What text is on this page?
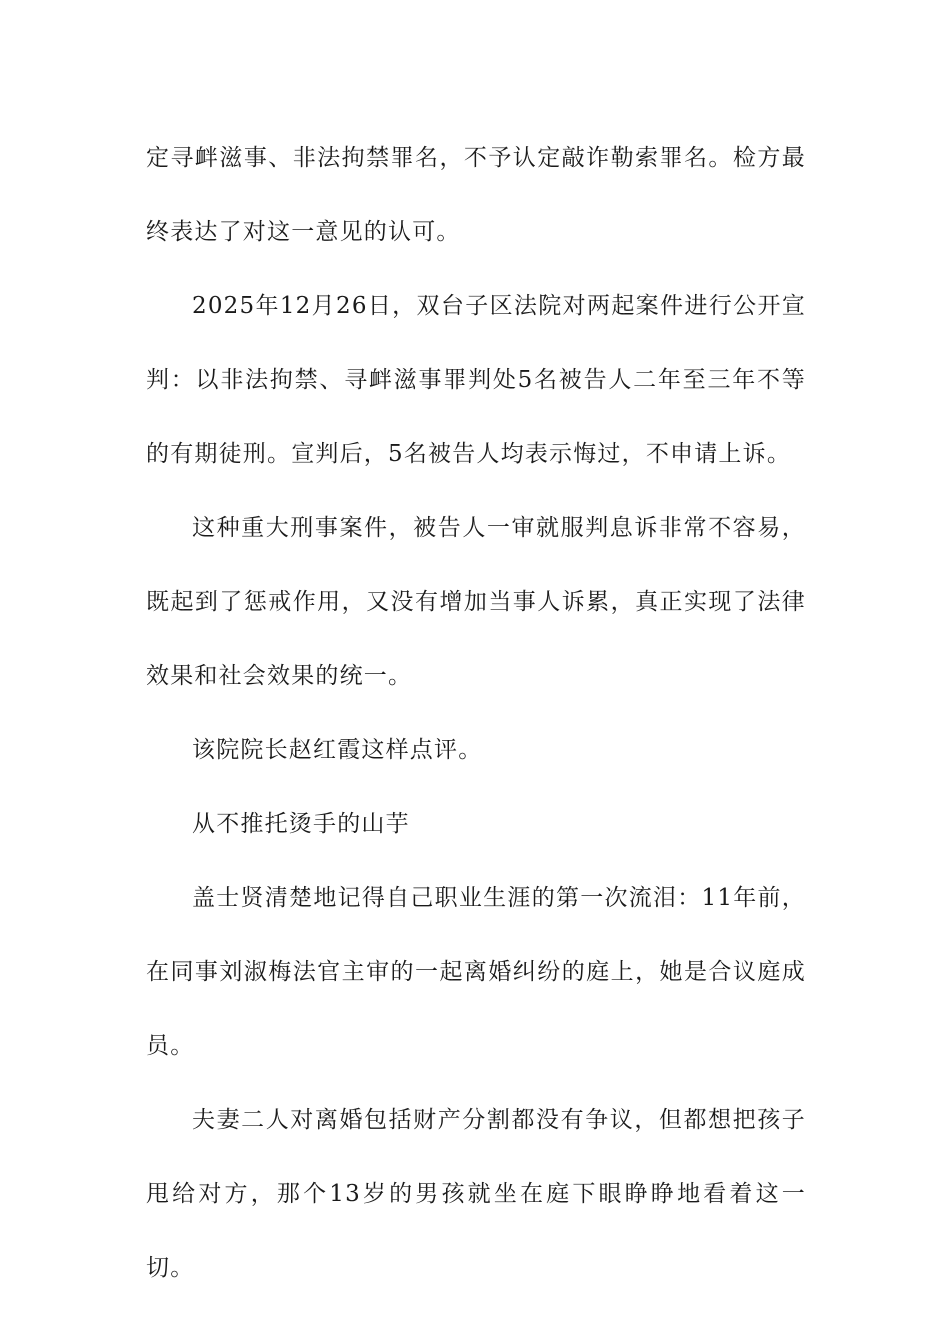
定寻衅滋事、非法拘禁罪名，不予认定敲诈勒索罪名。检方最终表达了对这一意见的认可。

2025年12月26日，双台子区法院对两起案件进行公开宣判：以非法拘禁、寻衅滋事罪判处5名被告人二年至三年不等的有期徒刑。宣判后，5名被告人均表示悔过，不申请上诉。

这种重大刑事案件，被告人一审就服判息诉非常不容易，既起到了惩戒作用，又没有增加当事人诉累，真正实现了法律效果和社会效果的统一。

该院院长赵红霞这样点评。

从不推托烫手的山芋

盖士贤清楚地记得自己职业生涯的第一次流泪：11年前，在同事刘淑梅法官主审的一起离婚纠纷的庭上，她是合议庭成员。

夫妻二人对离婚包括财产分割都没有争议，但都想把孩子甩给对方，那个13岁的男孩就坐在庭下眼睁睁地看着这一切。
